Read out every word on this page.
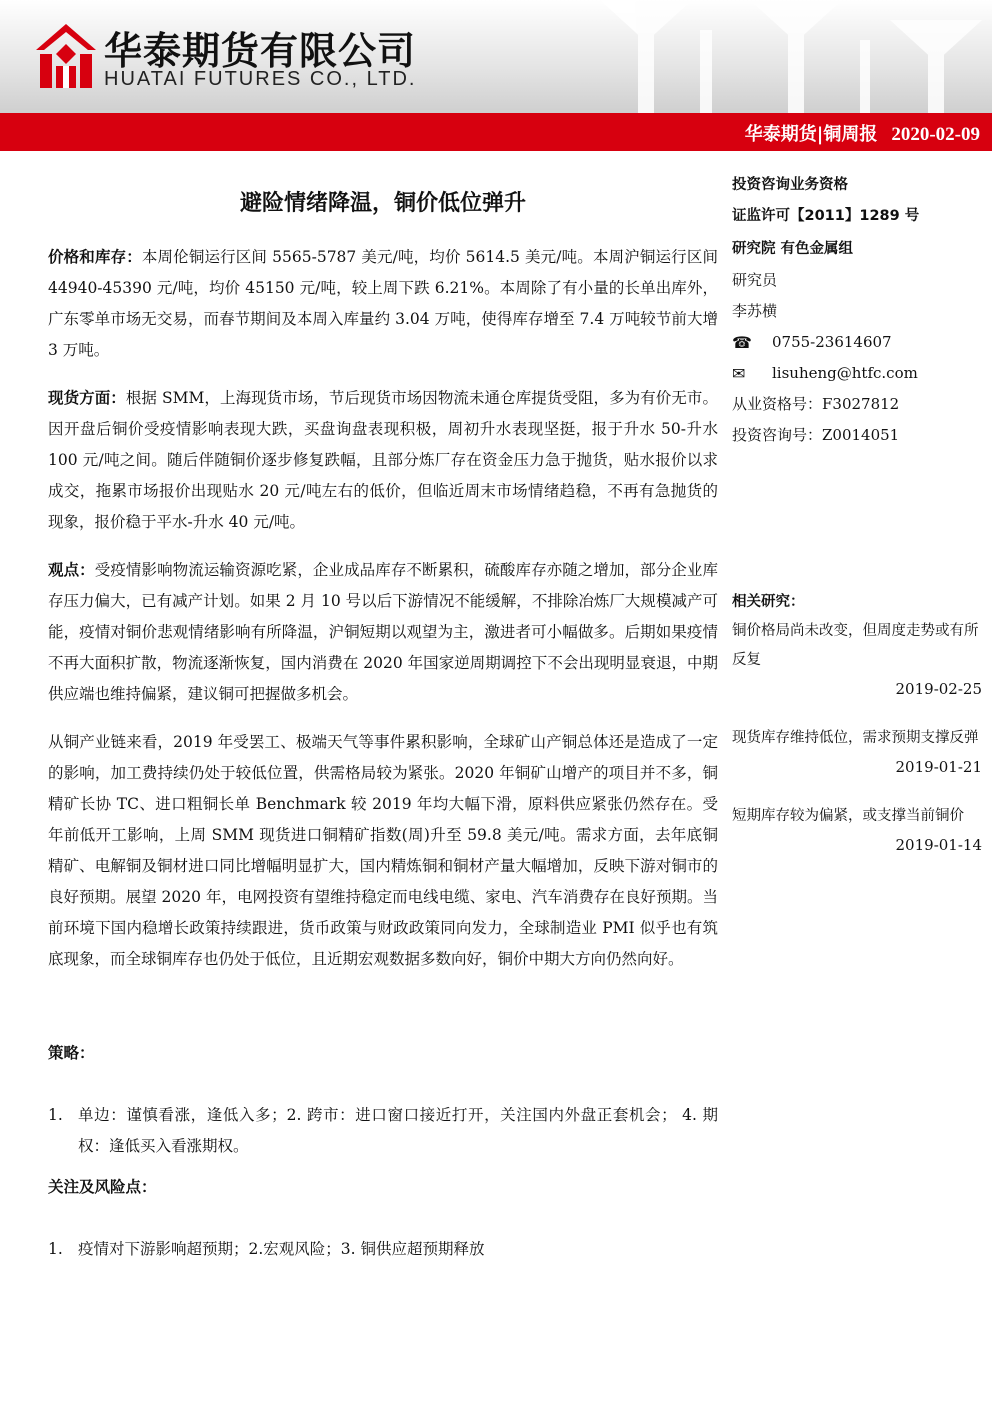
华泰期货有限公司
HUATAI FUTURES CO., LTD.
华泰期货|铜周报 2020-02-09
避险情绪降温，铜价低位弹升

价格和库存：本周伦铜运行区间 5565-5787 美元/吨，均价 5614.5 美元/吨。本周沪铜运行区间 44940-45390 元/吨，均价 45150 元/吨，较上周下跌 6.21%。本周除了有小量的长单出库外，广东零单市场无交易，而春节期间及本周入库量约 3.04 万吨，使得库存增至 7.4 万吨较节前大增 3 万吨。

现货方面：根据 SMM，上海现货市场，节后现货市场因物流未通仓库提货受阻，多为有价无市。因开盘后铜价受疫情影响表现大跌，买盘询盘表现积极，周初升水表现坚挺，报于升水 50-升水 100 元/吨之间。随后伴随铜价逐步修复跌幅，且部分炼厂存在资金压力急于抛货，贴水报价以求成交，拖累市场报价出现贴水 20 元/吨左右的低价，但临近周末市场情绪趋稳，不再有急抛货的现象，报价稳于平水-升水 40 元/吨。

观点：受疫情影响物流运输资源吃紧，企业成品库存不断累积，硫酸库存亦随之增加，部分企业库存压力偏大，已有减产计划。如果 2 月 10 号以后下游情况不能缓解，不排除冶炼厂大规模减产可能，疫情对铜价悲观情绪影响有所降温，沪铜短期以观望为主，激进者可小幅做多。后期如果疫情不再大面积扩散，物流逐渐恢复，国内消费在 2020 年国家逆周期调控下不会出现明显衰退，中期供应端也维持偏紧，建议铜可把握做多机会。

从铜产业链来看，2019 年受罢工、极端天气等事件累积影响，全球矿山产铜总体还是造成了一定的影响，加工费持续仍处于较低位置，供需格局较为紧张。2020 年铜矿山增产的项目并不多，铜精矿长协 TC、进口粗铜长单 Benchmark 较 2019 年均大幅下滑，原料供应紧张仍然存在。受年前低开工影响，上周 SMM 现货进口铜精矿指数(周)升至 59.8 美元/吨。需求方面，去年底铜精矿、电解铜及铜材进口同比增幅明显扩大，国内精炼铜和铜材产量大幅增加，反映下游对铜市的良好预期。展望 2020 年，电网投资有望维持稳定而电线电缆、家电、汽车消费存在良好预期。当前环境下国内稳增长政策持续跟进，货币政策与财政政策同向发力，全球制造业 PMI 似乎也有筑底现象，而全球铜库存也仍处于低位，且近期宏观数据多数向好，铜价中期大方向仍然向好。

策略：

1. 单边：谨慎看涨，逢低入多；2. 跨市：进口窗口接近打开，关注国内外盘正套机会； 4. 期权：逢低买入看涨期权。

关注及风险点：

1. 疫情对下游影响超预期；2.宏观风险；3. 铜供应超预期释放
投资咨询业务资格
证监许可【2011】1289 号
研究院 有色金属组
研究员
李苏横
☎	0755-23614607
✉	lisuheng@htfc.com
从业资格号：F3027812
投资咨询号：Z0014051
相关研究：
铜价格局尚未改变，但周度走势或有所反复
2019-02-25
现货库存维持低位，需求预期支撑反弹
2019-01-21
短期库存较为偏紧，或支撑当前铜价
2019-01-14
